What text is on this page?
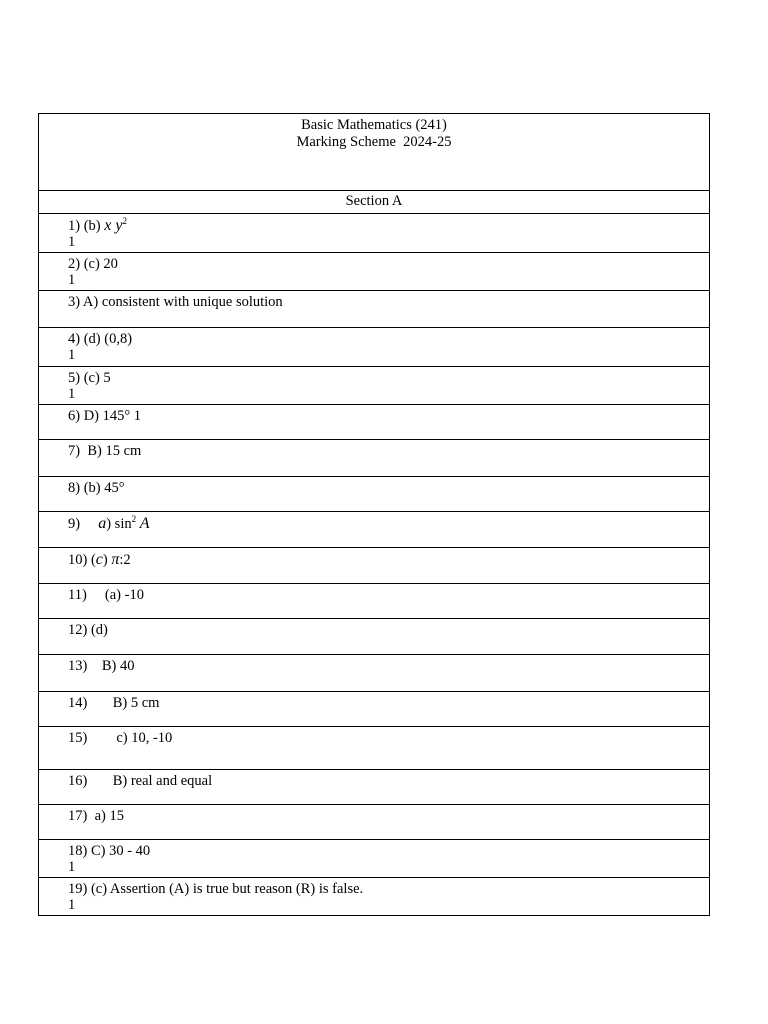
Basic Mathematics (241)
Marking Scheme  2024-25
Section A
1) (b) x $y^2$
1
2) (c) 20
1
3) A) consistent with unique solution
4) (d) (0,8)
1
5) (c) 5
1
6) D) 145° 1
7)  B) 15 cm
8) (b) 45°
9)     a) $\sin^2 A$
10) (c) π:2
11)     (a) -10
12) (d)
13)    B) 40
14)       B) 5 cm
15)        c) 10, -10
16)       B) real and equal
17)  a) 15
18) C) 30 - 40
1
19) (c) Assertion (A) is true but reason (R) is false.
1
